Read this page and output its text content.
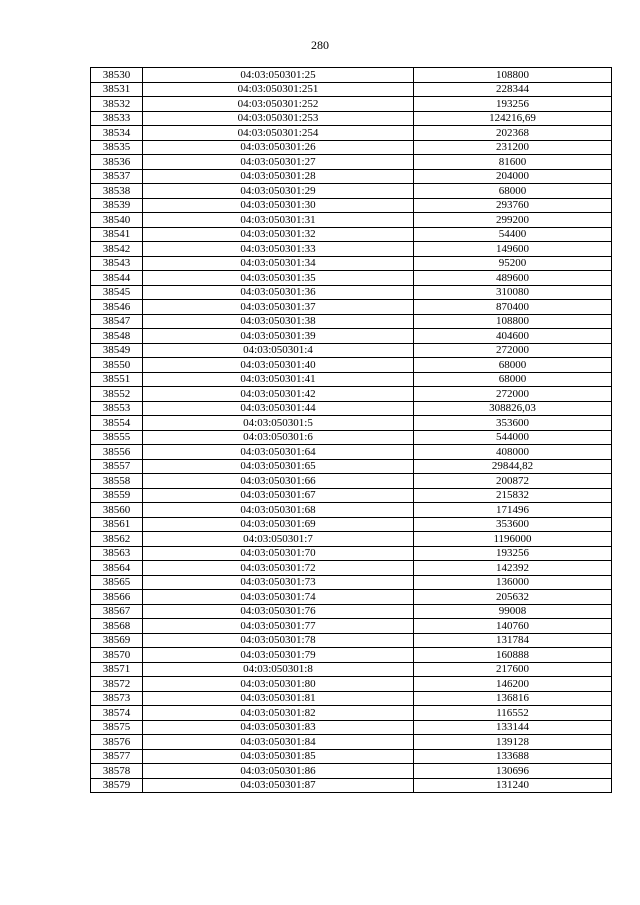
280
38530	04:03:050301:25	108800
38531	04:03:050301:251	228344
38532	04:03:050301:252	193256
38533	04:03:050301:253	124216,69
38534	04:03:050301:254	202368
38535	04:03:050301:26	231200
38536	04:03:050301:27	81600
38537	04:03:050301:28	204000
38538	04:03:050301:29	68000
38539	04:03:050301:30	293760
38540	04:03:050301:31	299200
38541	04:03:050301:32	54400
38542	04:03:050301:33	149600
38543	04:03:050301:34	95200
38544	04:03:050301:35	489600
38545	04:03:050301:36	310080
38546	04:03:050301:37	870400
38547	04:03:050301:38	108800
38548	04:03:050301:39	404600
38549	04:03:050301:4	272000
38550	04:03:050301:40	68000
38551	04:03:050301:41	68000
38552	04:03:050301:42	272000
38553	04:03:050301:44	308826,03
38554	04:03:050301:5	353600
38555	04:03:050301:6	544000
38556	04:03:050301:64	408000
38557	04:03:050301:65	29844,82
38558	04:03:050301:66	200872
38559	04:03:050301:67	215832
38560	04:03:050301:68	171496
38561	04:03:050301:69	353600
38562	04:03:050301:7	1196000
38563	04:03:050301:70	193256
38564	04:03:050301:72	142392
38565	04:03:050301:73	136000
38566	04:03:050301:74	205632
38567	04:03:050301:76	99008
38568	04:03:050301:77	140760
38569	04:03:050301:78	131784
38570	04:03:050301:79	160888
38571	04:03:050301:8	217600
38572	04:03:050301:80	146200
38573	04:03:050301:81	136816
38574	04:03:050301:82	116552
38575	04:03:050301:83	133144
38576	04:03:050301:84	139128
38577	04:03:050301:85	133688
38578	04:03:050301:86	130696
38579	04:03:050301:87	131240
